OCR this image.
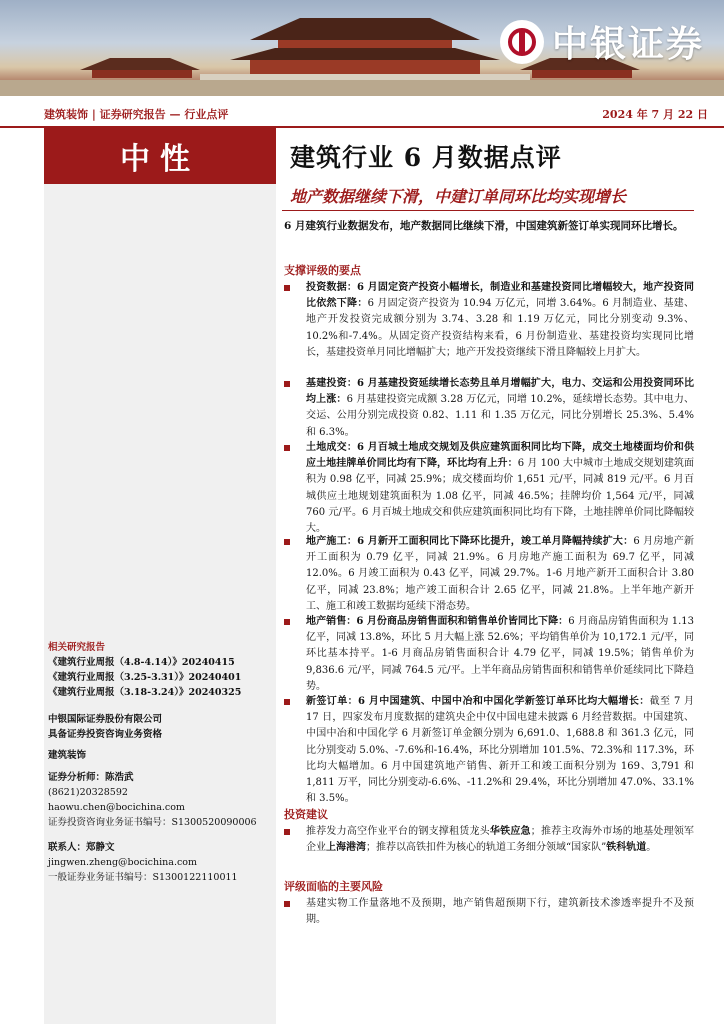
中银证券
建筑装饰 | 证券研究报告 — 行业点评	2024 年 7 月 22 日
中性
相关研究报告

《建筑行业周报（4.8-4.14）》20240415
《建筑行业周报（3.25-3.31）》20240401
《建筑行业周报（3.18-3.24）》20240325
中银国际证券股份有限公司
具备证券投资咨询业务资格
建筑装饰
证券分析师：陈浩武
(8621)20328592
haowu.chen@bocichina.com
证券投资咨询业务证书编号：S1300520090006
联系人：郑静文
jingwen.zheng@bocichina.com
一般证券业务证书编号：S1300122110011
建筑行业 6 月数据点评
地产数据继续下滑，中建订单同环比均实现增长
6 月建筑行业数据发布，地产数据同比继续下滑，中国建筑新签订单实现同环比增长。
支撑评级的要点
投资数据：6 月固定资产投资小幅增长，制造业和基建投资同比增幅较大，地产投资同比依然下降：6 月固定资产投资为 10.94 万亿元，同增 3.64%。6 月制造业、基建、地产开发投资完成额分别为 3.74、3.28 和 1.19 万亿元，同比分别变动 9.3%、10.2%和-7.4%。从固定资产投资结构来看，6 月份制造业、基建投资均实现同比增长，基建投资单月同比增幅扩大；地产开发投资继续下滑且降幅较上月扩大。
基建投资：6 月基建投资延续增长态势且单月增幅扩大，电力、交运和公用投资同环比均上涨：6 月基建投资完成额 3.28 万亿元，同增 10.2%，延续增长态势。其中电力、交运、公用分别完成投资 0.82、1.11 和 1.35 万亿元，同比分别增长 25.3%、5.4%和 6.3%。
土地成交：6 月百城土地成交规划及供应建筑面积同比均下降，成交土地楼面均价和供应土地挂牌单价同比均有下降，环比均有上升：6 月 100 大中城市土地成交规划建筑面积为 0.98 亿平，同减 25.9%；成交楼面均价 1,651 元/平，同减 819 元/平。6 月百城供应土地规划建筑面积为 1.08 亿平，同减 46.5%；挂牌均价 1,564 元/平，同减 760 元/平。6 月百城土地成交和供应建筑面积同比均有下降，土地挂牌单价同比降幅较大。
地产施工：6 月新开工面积同比下降环比提升，竣工单月降幅持续扩大：6 月房地产新开工面积为 0.79 亿平，同减 21.9%。6 月房地产施工面积为 69.7 亿平，同减 12.0%。6 月竣工面积为 0.43 亿平，同减 29.7%。1-6 月地产新开工面积合计 3.80 亿平，同减 23.8%；地产竣工面积合计 2.65 亿平，同减 21.8%。上半年地产新开工、施工和竣工数据均延续下滑态势。
地产销售：6 月份商品房销售面积和销售单价皆同比下降：6 月商品房销售面积为 1.13 亿平，同减 13.8%，环比 5 月大幅上涨 52.6%；平均销售单价为 10,172.1 元/平，同环比基本持平。1-6 月商品房销售面积合计 4.79 亿平，同减 19.5%；销售单价为 9,836.6 元/平，同减 764.5 元/平。上半年商品房销售面积和销售单价延续同比下降趋势。
新签订单：6 月中国建筑、中国中冶和中国化学新签订单环比均大幅增长：截至 7 月 17 日，四家发布月度数据的建筑央企中仅中国电建未披露 6 月经营数据。中国建筑、中国中冶和中国化学 6 月新签订单金额分别为 6,691.0、1,688.8 和 361.3 亿元，同比分别变动 5.0%、-7.6%和-16.4%，环比分别增加 101.5%、72.3%和 117.3%，环比均大幅增加。6 月中国建筑地产销售、新开工和竣工面积分别为 169、3,791 和 1,811 万平，同比分别变动-6.6%、-11.2%和 29.4%，环比分别增加 47.0%、33.1%和 3.5%。
投资建议
推荐发力高空作业平台的钢支撑租赁龙头华铁应急；推荐主攻海外市场的地基处理领军企业上海港湾；推荐以高铁扣件为核心的轨道工务细分领域“国家队”铁科轨道。
评级面临的主要风险
基建实物工作量落地不及预期，地产销售超预期下行，建筑新技术渗透率提升不及预期。
